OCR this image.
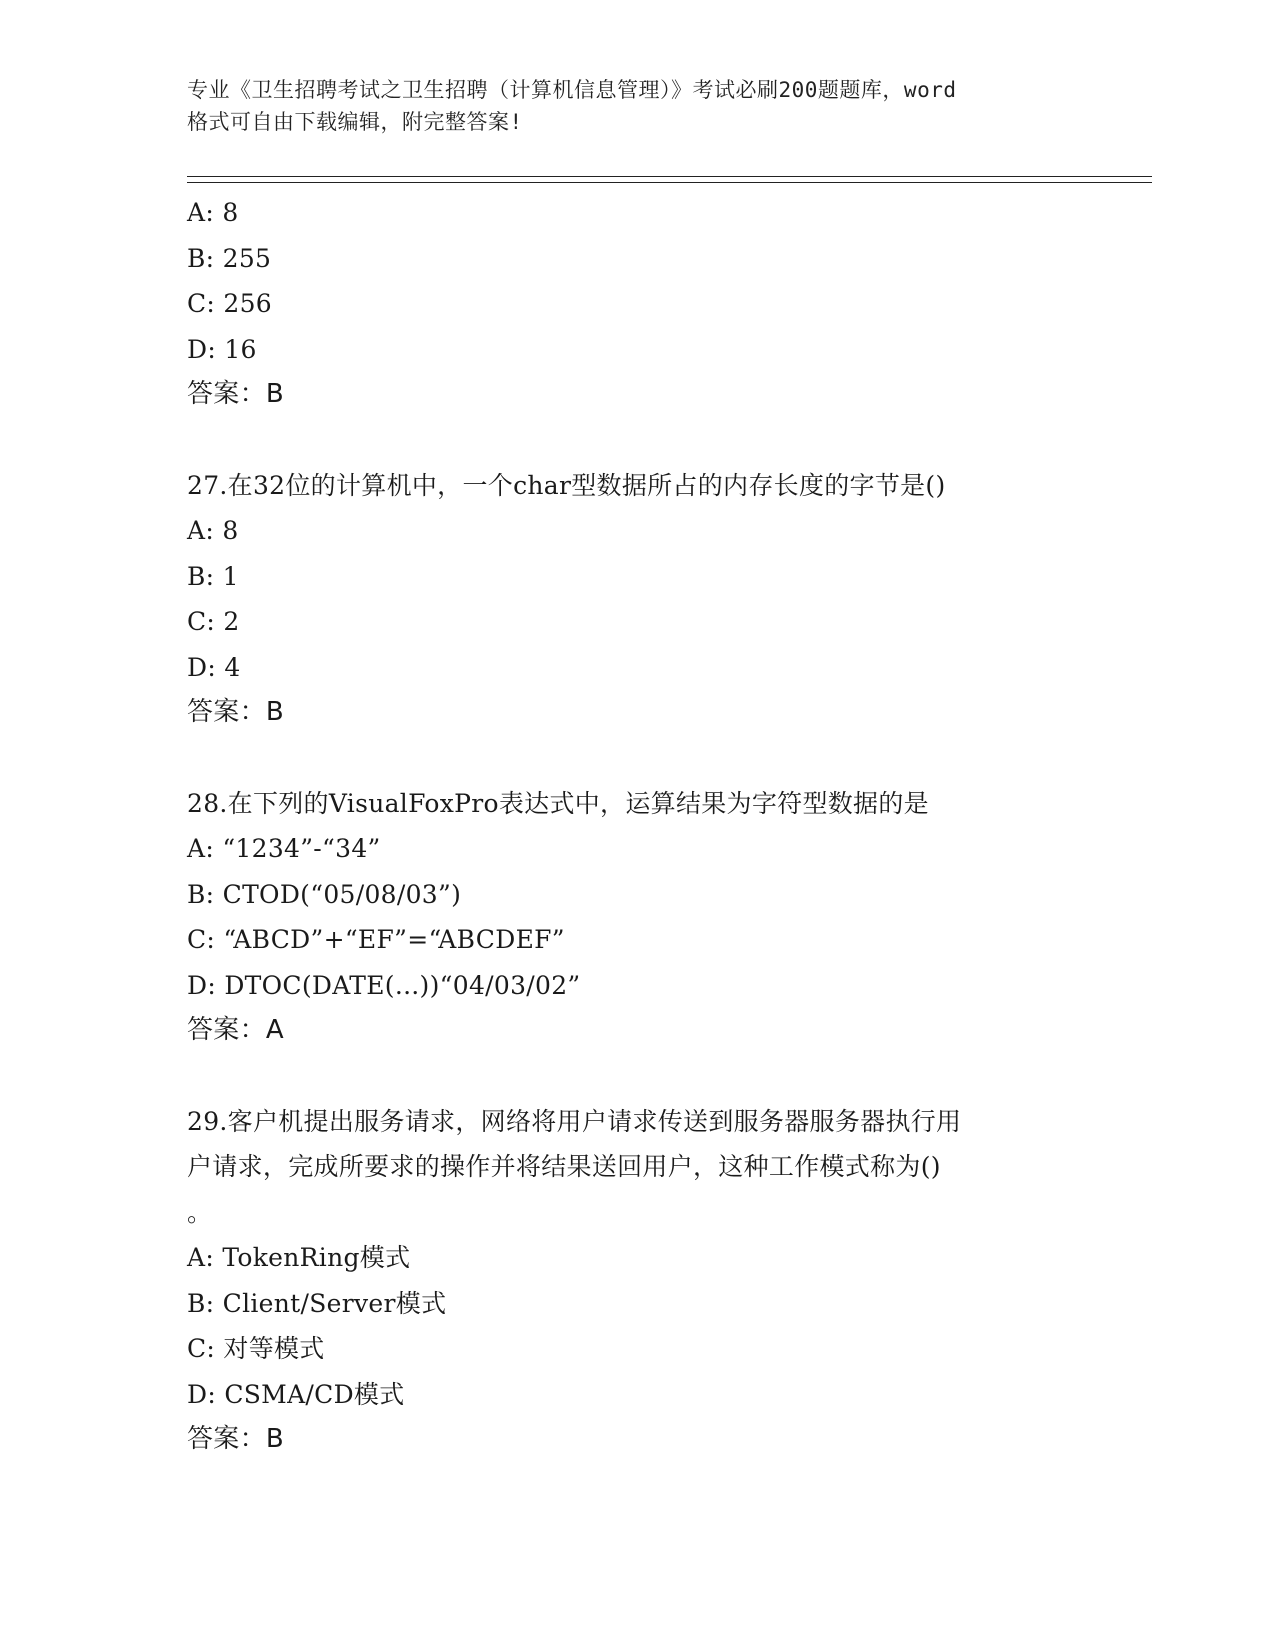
专业《卫生招聘考试之卫生招聘（计算机信息管理）》考试必刷200题题库，word
格式可自由下载编辑，附完整答案!
A: 8
B: 255
C: 256
D: 16
答案：B
27.在32位的计算机中，一个char型数据所占的内存长度的字节是()
A: 8
B: 1
C: 2
D: 4
答案：B
28.在下列的VisualFoxPro表达式中，运算结果为字符型数据的是
A: “1234”-“34”
B: CTOD(“05/08/03”)
C: “ABCD”+“EF”=“ABCDEF”
D: DTOC(DATE(...))“04/03/02”
答案：A
29.客户机提出服务请求，网络将用户请求传送到服务器服务器执行用
户请求，完成所要求的操作并将结果送回用户，这种工作模式称为()
。
A: TokenRing模式
B: Client/Server模式
C: 对等模式
D: CSMA/CD模式
答案：B
